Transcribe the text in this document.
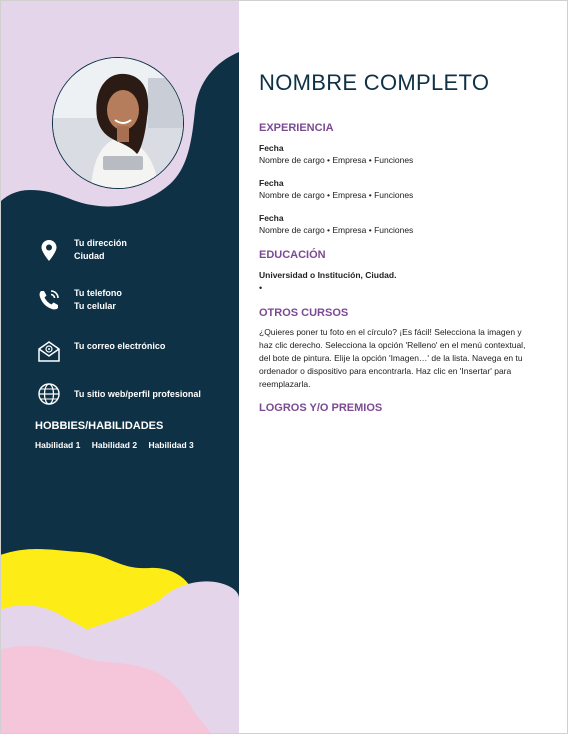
Tu dirección
Ciudad
Tu telefono
Tu celular
Tu correo electrónico
Tu sitio web/perfil profesional
HOBBIES/HABILIDADES
Habilidad 1 Habilidad 2 Habilidad 3
NOMBRE COMPLETO
EXPERIENCIA
Fecha
Nombre de cargo • Empresa • Funciones
Fecha
Nombre de cargo • Empresa • Funciones
Fecha
Nombre de cargo • Empresa • Funciones
EDUCACIÓN
Universidad o Institución, Ciudad.
•
OTROS CURSOS
¿Quieres poner tu foto en el círculo? ¡Es fácil! Selecciona la imagen y haz clic derecho. Selecciona la opción 'Relleno' en el menú contextual, del bote de pintura. Elije la opción 'Imagen…' de la lista. Navega en tu ordenador o dispositivo para encontrarla. Haz clic en 'Insertar' para reemplazarla.
LOGROS Y/O PREMIOS
